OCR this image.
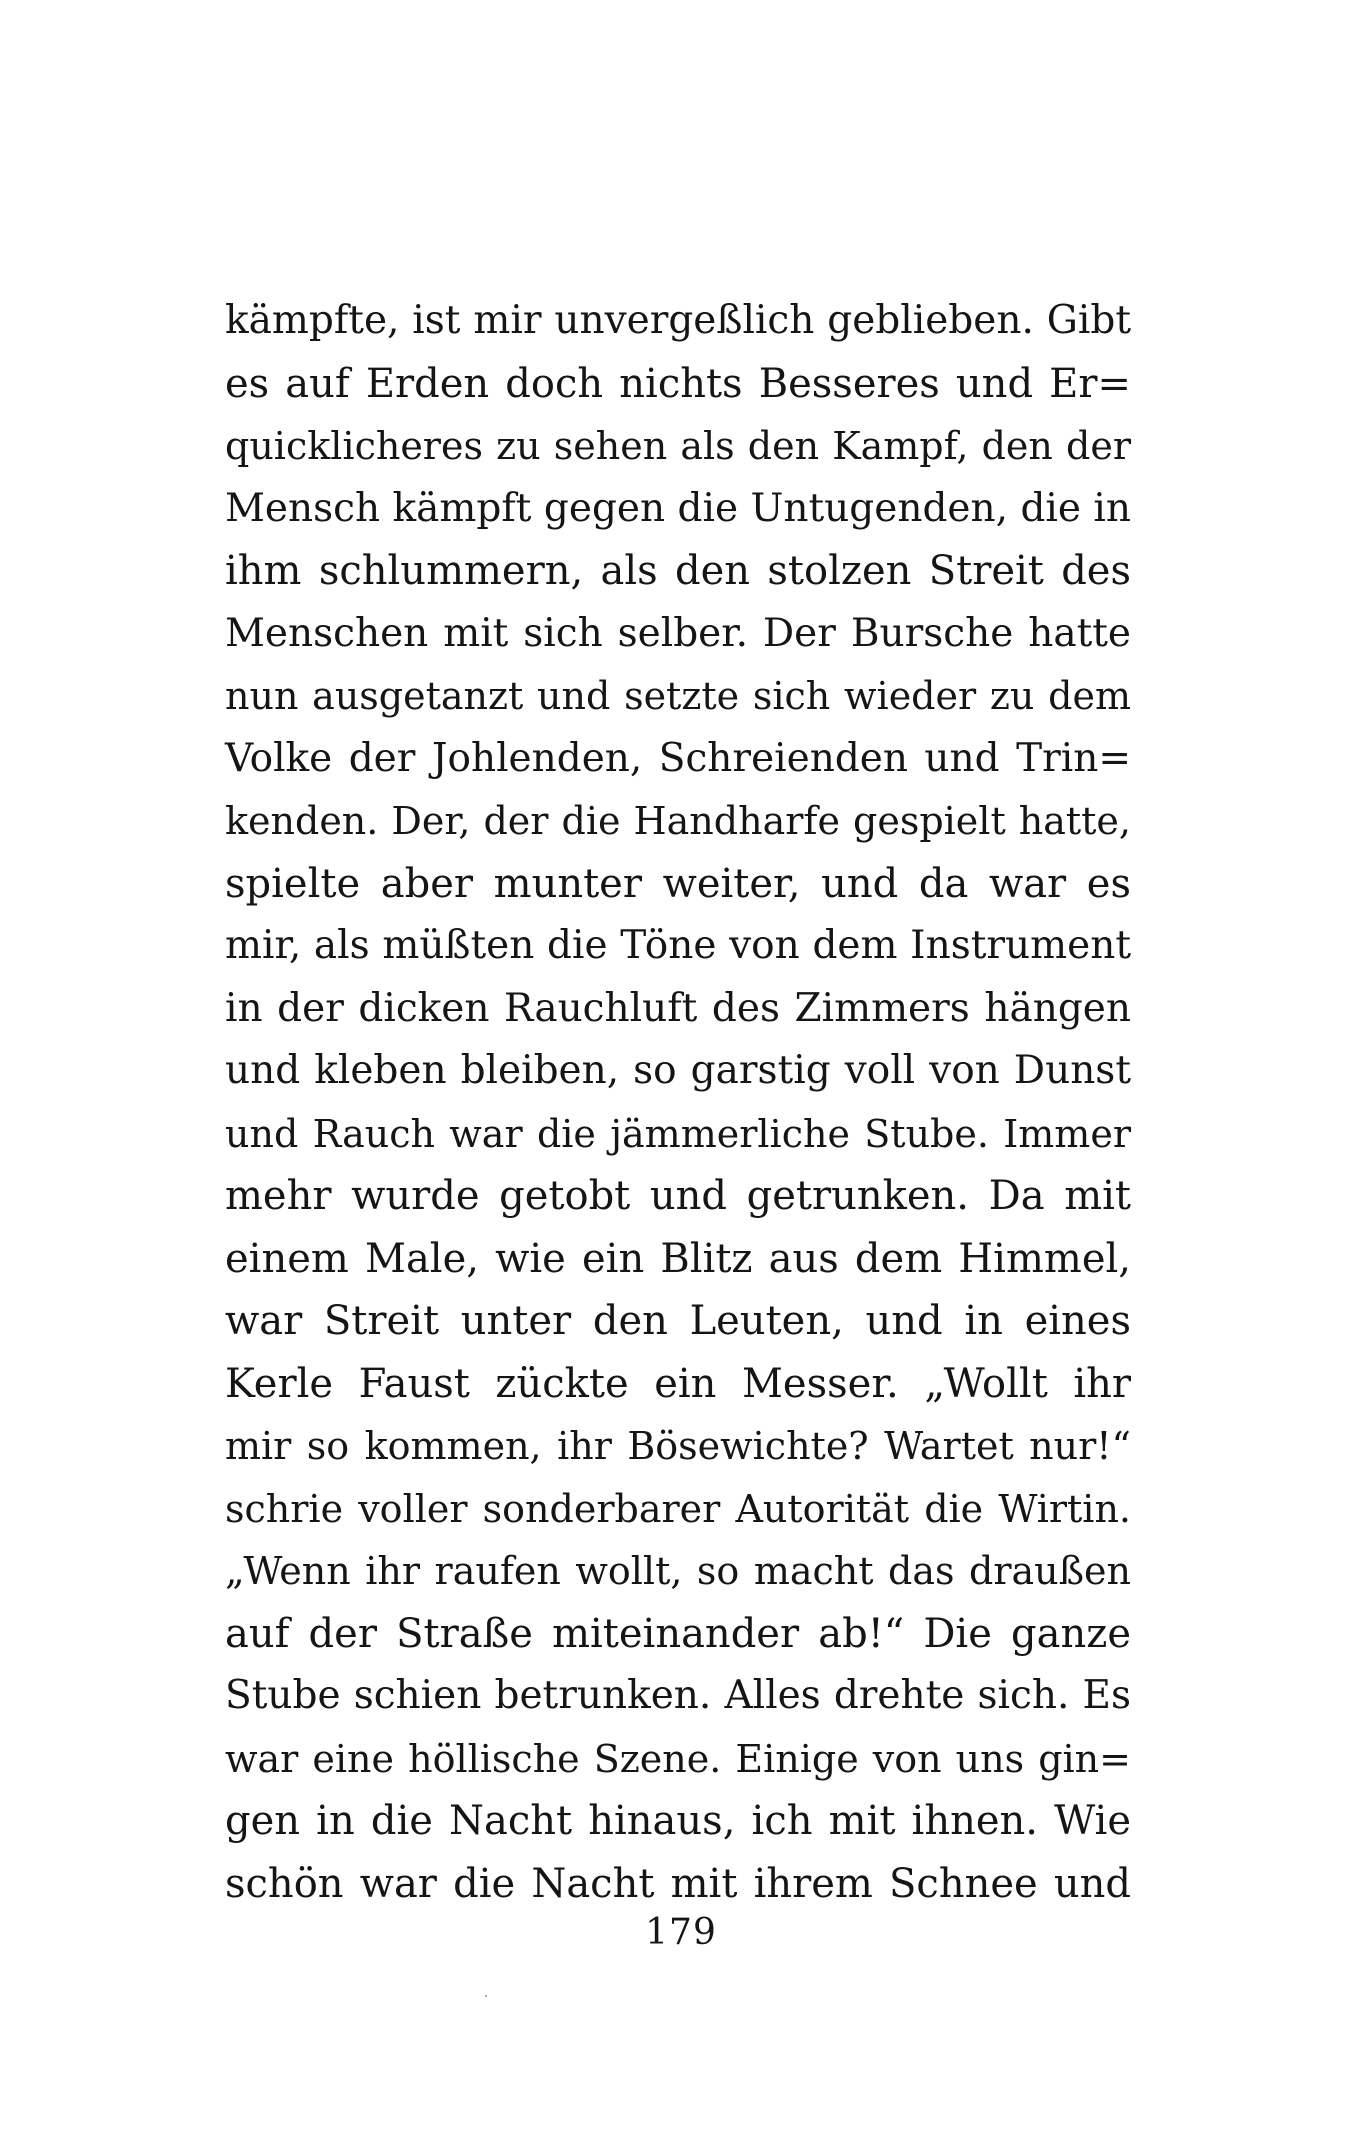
kämpfte, ist mir unvergeßlich geblieben. Gibt
es auf Erden doch nichts Besseres und Er=
quicklicheres zu sehen als den Kampf, den der
Mensch kämpft gegen die Untugenden, die in
ihm schlummern, als den stolzen Streit des
Menschen mit sich selber. Der Bursche hatte
nun ausgetanzt und setzte sich wieder zu dem
Volke der Johlenden, Schreienden und Trin=
kenden. Der, der die Handharfe gespielt hatte,
spielte aber munter weiter, und da war es
mir, als müßten die Töne von dem Instrument
in der dicken Rauchluft des Zimmers hängen
und kleben bleiben, so garstig voll von Dunst
und Rauch war die jämmerliche Stube. Immer
mehr wurde getobt und getrunken. Da mit
einem Male, wie ein Blitz aus dem Himmel,
war Streit unter den Leuten, und in eines
Kerle Faust zückte ein Messer. „Wollt ihr
mir so kommen, ihr Bösewichte? Wartet nur!“
schrie voller sonderbarer Autorität die Wirtin.
„Wenn ihr raufen wollt, so macht das draußen
auf der Straße miteinander ab!“ Die ganze
Stube schien betrunken. Alles drehte sich. Es
war eine höllische Szene. Einige von uns gin=
gen in die Nacht hinaus, ich mit ihnen. Wie
schön war die Nacht mit ihrem Schnee und
179
